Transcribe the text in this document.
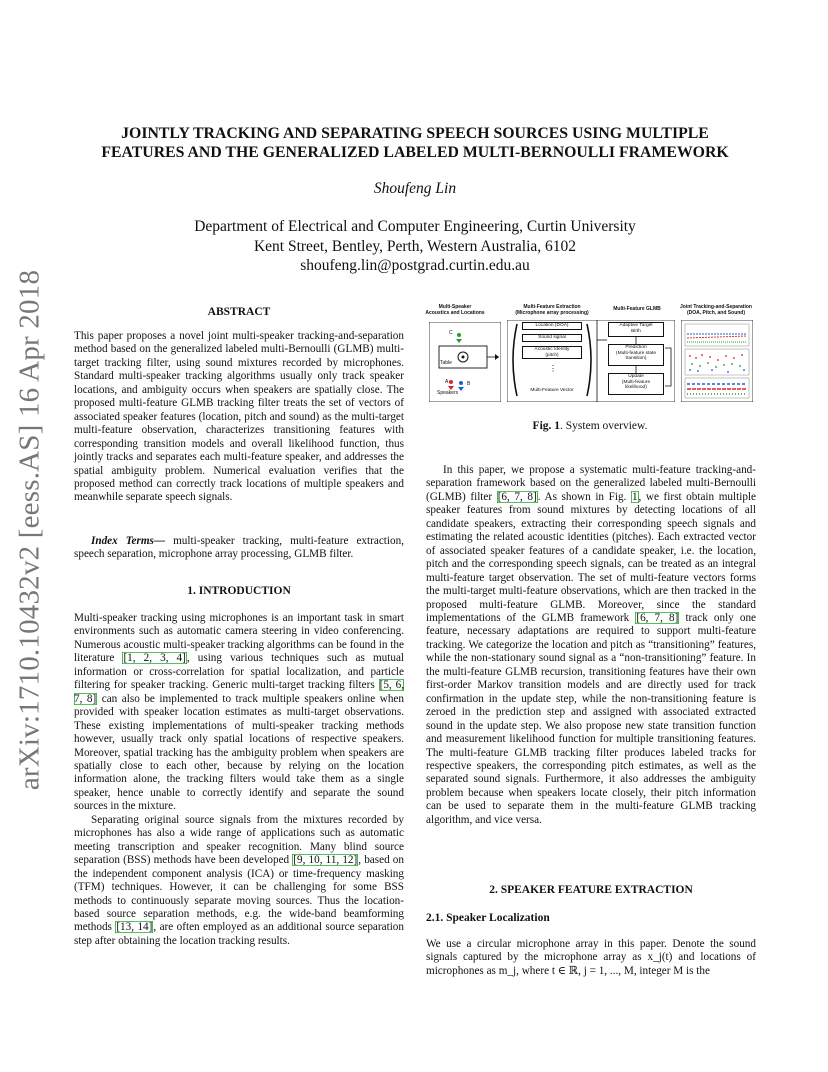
arXiv:1710.10432v2 [eess.AS] 16 Apr 2018
JOINTLY TRACKING AND SEPARATING SPEECH SOURCES USING MULTIPLE
FEATURES AND THE GENERALIZED LABELED MULTI-BERNOULLI FRAMEWORK
Shoufeng Lin
Department of Electrical and Computer Engineering, Curtin University
Kent Street, Bentley, Perth, Western Australia, 6102
shoufeng.lin@postgrad.curtin.edu.au
ABSTRACT

This paper proposes a novel joint multi-speaker tracking-and-separation method based on the generalized labeled multi-Bernoulli (GLMB) multi-target tracking filter, using sound mixtures recorded by microphones. Standard multi-speaker tracking algorithms usually only track speaker locations, and ambiguity occurs when speakers are spatially close. The proposed multi-feature GLMB tracking filter treats the set of vectors of associated speaker features (location, pitch and sound) as the multi-target multi-feature observation, characterizes transitioning features with corresponding transition models and overall likelihood function, thus jointly tracks and separates each multi-feature speaker, and addresses the spatial ambiguity problem. Numerical evaluation verifies that the proposed method can correctly track locations of multiple speakers and meanwhile separate speech signals.

Index Terms— multi-speaker tracking, multi-feature extraction, speech separation, microphone array processing, GLMB filter.

1. INTRODUCTION

Multi-speaker tracking using microphones is an important task in smart environments such as automatic camera steering in video conferencing. Numerous acoustic multi-speaker tracking algorithms can be found in the literature [1, 2, 3, 4], using various techniques such as mutual information or cross-correlation for spatial localization, and particle filtering for speaker tracking. Generic multi-target tracking filters [5, 6, 7, 8] can also be implemented to track multiple speakers online when provided with speaker location estimates as multi-target observations. These existing implementations of multi-speaker tracking methods however, usually track only spatial locations of respective speakers. Moreover, spatial tracking has the ambiguity problem when speakers are spatially close to each other, because by relying on the location information alone, the tracking filters would take them as a single speaker, hence unable to correctly identify and separate the sound sources in the mixture.

Separating original source signals from the mixtures recorded by microphones has also a wide range of applications such as automatic meeting transcription and speaker recognition. Many blind source separation (BSS) methods have been developed [9, 10, 11, 12], based on the independent component analysis (ICA) or time-frequency masking (TFM) techniques. However, it can be challenging for some BSS methods to continuously separate moving sources. Thus the location-based source separation methods, e.g. the wide-band beamforming methods [13, 14], are often employed as an additional source separation step after obtaining the location tracking results.

Multi-Speaker
Acoustics and Locations
Multi-Feature Extraction
(Microphone array processing)
Multi-Feature GLMB	Joint Tracking-and-Separation
(DOA, Pitch, and Sound)
C
Table
A	B
Speakers
Location (DOA)
Sound signal
Acoustic Identity
(pitch)
⋮
Multi-Feature Vector
Adaptive Target
Birth
Prediction
(Multi-feature state
transition)
Update
(Multi-feature
likelihood)
Fig. 1. System overview.

In this paper, we propose a systematic multi-feature tracking-and-separation framework based on the generalized labeled multi-Bernoulli (GLMB) filter [6, 7, 8]. As shown in Fig. 1, we first obtain multiple speaker features from sound mixtures by detecting locations of all candidate speakers, extracting their corresponding speech signals and estimating the related acoustic identities (pitches). Each extracted vector of associated speaker features of a candidate speaker, i.e. the location, pitch and the corresponding speech signals, can be treated as an integral multi-feature target observation. The set of multi-feature vectors forms the multi-target multi-feature observations, which are then tracked in the proposed multi-feature GLMB. Moreover, since the standard implementations of the GLMB framework [6, 7, 8] track only one feature, necessary adaptations are required to support multi-feature tracking. We categorize the location and pitch as “transitioning” features, while the non-stationary sound signal as a “non-transitioning” feature. In the multi-feature GLMB recursion, transitioning features have their own first-order Markov transition models and are directly used for track confirmation in the update step, while the non-transitioning feature is zeroed in the prediction step and assigned with associated extracted sound in the update step. We also propose new state transition function and measurement likelihood function for multiple transitioning features. The multi-feature GLMB tracking filter produces labeled tracks for respective speakers, the corresponding pitch estimates, as well as the separated sound signals. Furthermore, it also addresses the ambiguity problem because when speakers locate closely, their pitch information can be used to separate them in the multi-feature GLMB tracking algorithm, and vice versa.

2. SPEAKER FEATURE EXTRACTION
2.1. Speaker Localization

We use a circular microphone array in this paper. Denote the sound signals captured by the microphone array as x_j(t) and locations of microphones as m_j, where t ∈ ℝ, j = 1, ..., M, integer M is the
